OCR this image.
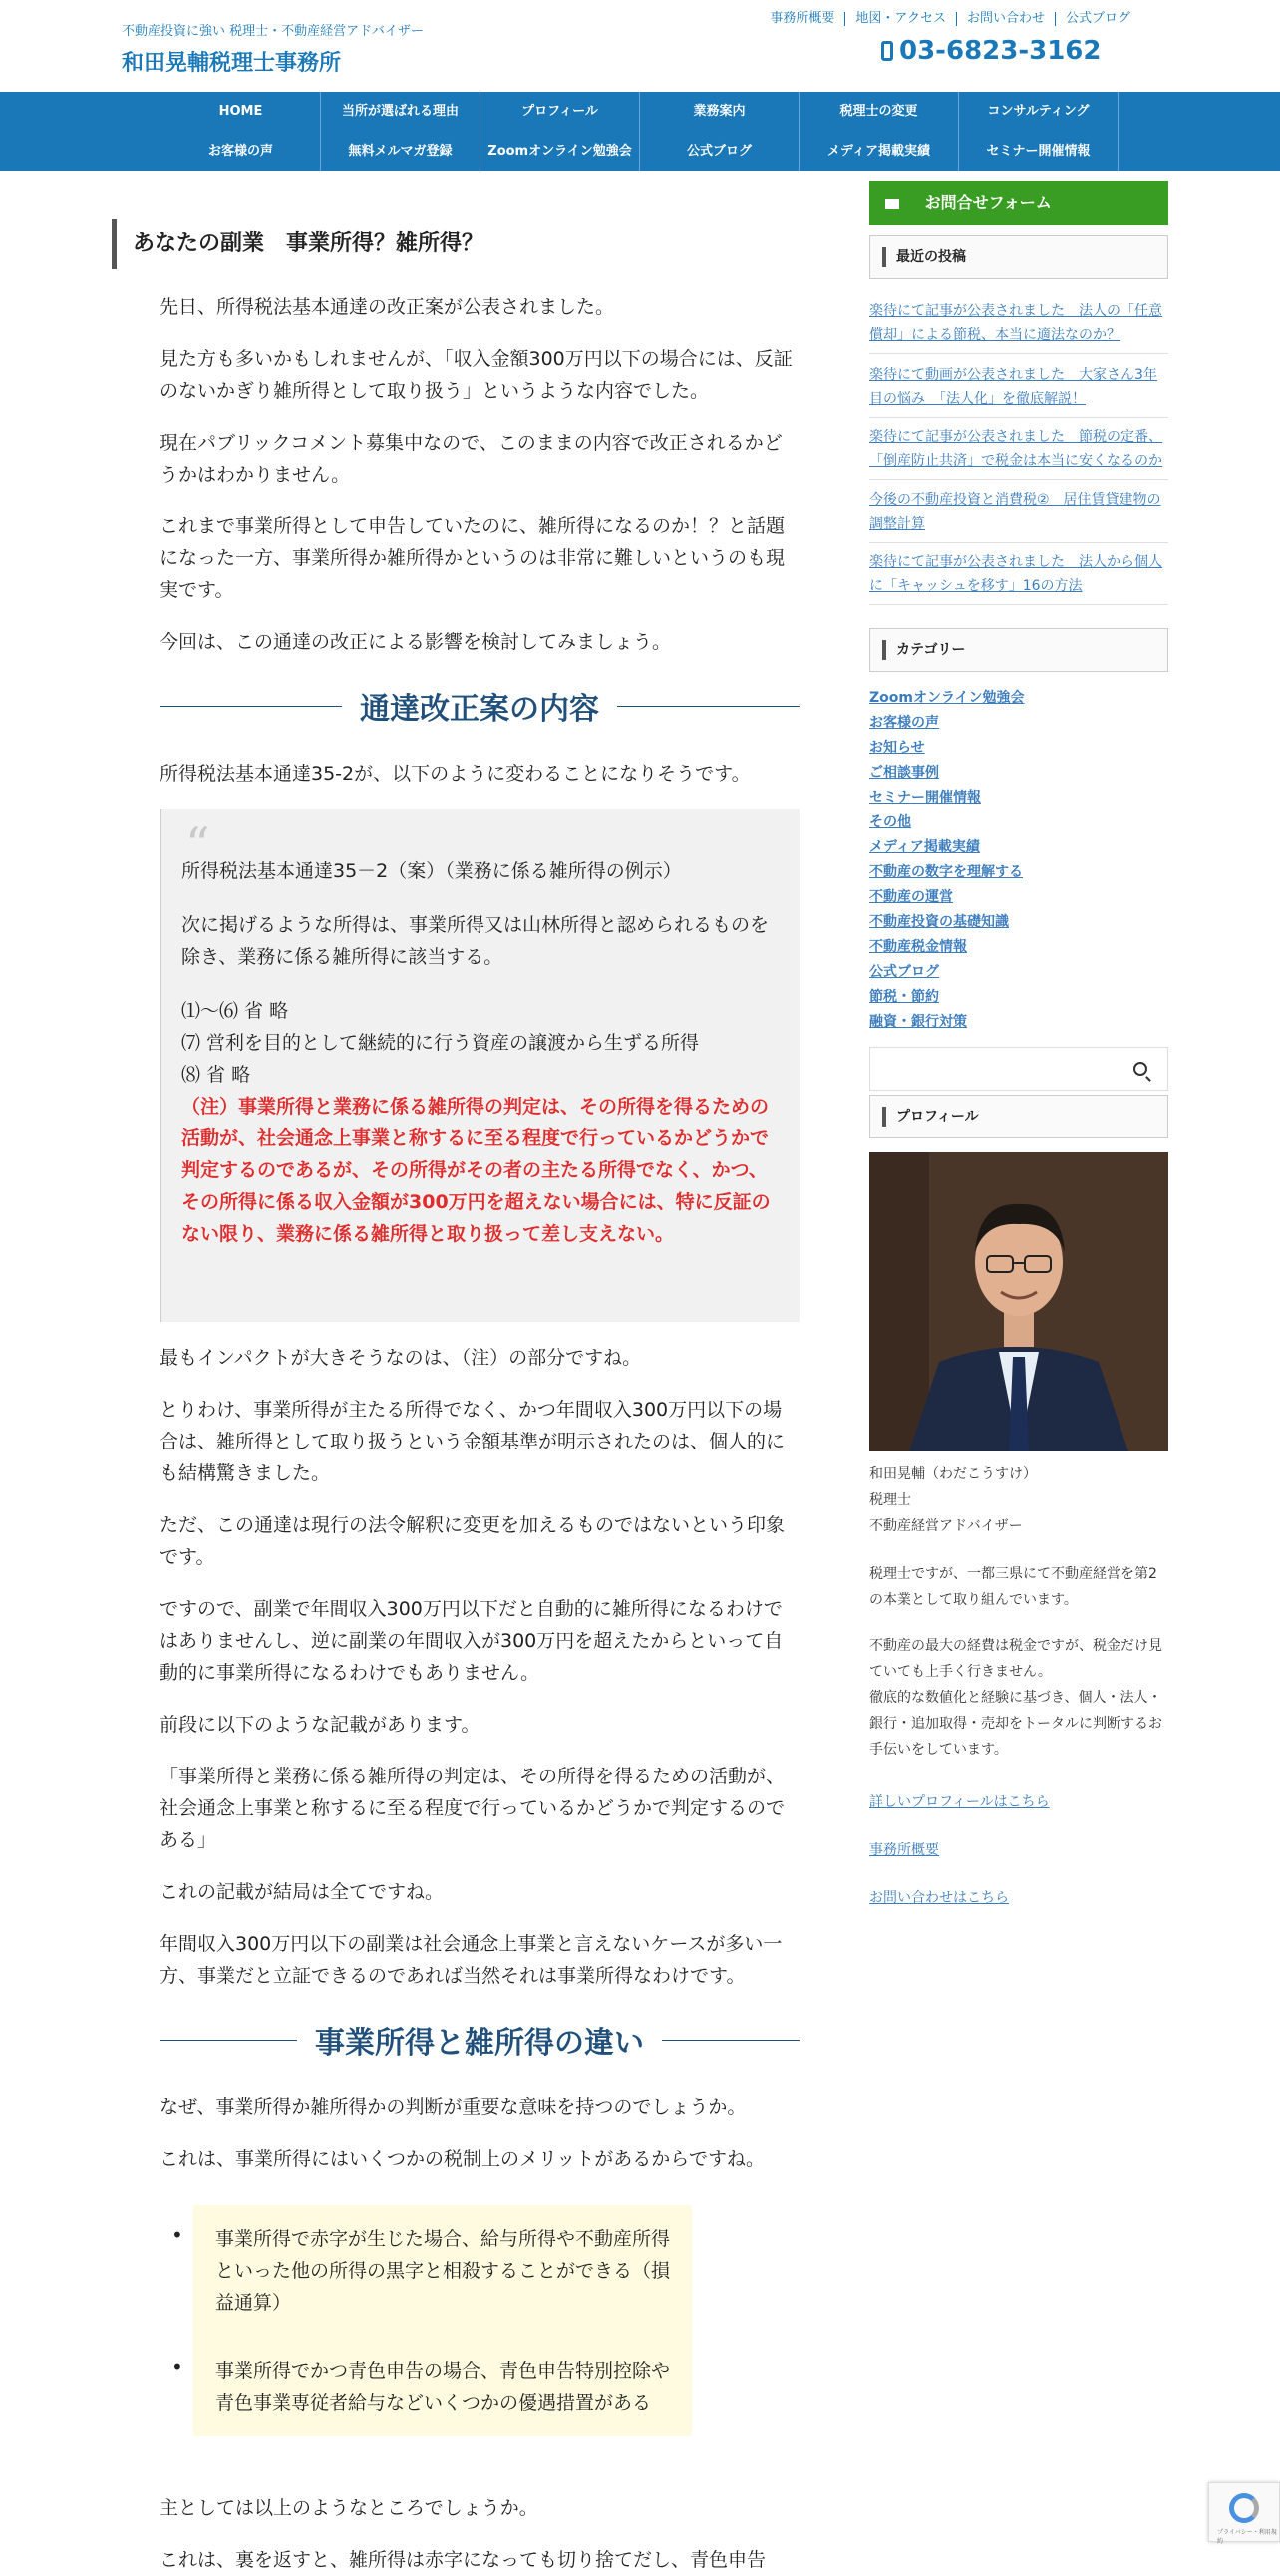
不動産投資に強い 税理士・不動産経営アドバイザー
和田晃輔税理士事務所
事務所概要	地図・アクセス	お問い合わせ	公式ブログ
03-6823-3162
HOME	当所が選ばれる理由	プロフィール	業務案内	税理士の変更	コンサルティング
お客様の声	無料メルマガ登録	Zoomオンライン勉強会	公式ブログ	メディア掲載実績	セミナー開催情報
あなたの副業　事業所得？雑所得？
先日、所得税法基本通達の改正案が公表されました。
見た方も多いかもしれませんが、「収入金額300万円以下の場合には、反証のないかぎり雑所得として取り扱う」というような内容でした。
現在パブリックコメント募集中なので、このままの内容で改正されるかどうかはわかりません。
これまで事業所得として申告していたのに、雑所得になるのか！？と話題になった一方、事業所得か雑所得かというのは非常に難しいというのも現実です。
今回は、この通達の改正による影響を検討してみましょう。
通達改正案の内容
所得税法基本通達35-2が、以下のように変わることになりそうです。
“
所得税法基本通達35－2（案）（業務に係る雑所得の例示）
次に掲げるような所得は、事業所得又は山林所得と認められるものを除き、業務に係る雑所得に該当する。
⑴～⑹ 省 略
⑺ 営利を目的として継続的に行う資産の譲渡から生ずる所得
⑻ 省 略
（注）事業所得と業務に係る雑所得の判定は、その所得を得るための活動が、社会通念上事業と称するに至る程度で行っているかどうかで判定するのであるが、その所得がその者の主たる所得でなく、かつ、その所得に係る収入金額が300万円を超えない場合には、特に反証のない限り、業務に係る雑所得と取り扱って差し支えない。
最もインパクトが大きそうなのは、（注）の部分ですね。
とりわけ、事業所得が主たる所得でなく、かつ年間収入300万円以下の場合は、雑所得として取り扱うという金額基準が明示されたのは、個人的にも結構驚きました。
ただ、この通達は現行の法令解釈に変更を加えるものではないという印象です。
ですので、副業で年間収入300万円以下だと自動的に雑所得になるわけではありませんし、逆に副業の年間収入が300万円を超えたからといって自動的に事業所得になるわけでもありません。
前段に以下のような記載があります。
「事業所得と業務に係る雑所得の判定は、その所得を得るための活動が、社会通念上事業と称するに至る程度で行っているかどうかで判定するのである」
これの記載が結局は全てですね。
年間収入300万円以下の副業は社会通念上事業と言えないケースが多い一方、事業だと立証できるのであれば当然それは事業所得なわけです。
事業所得と雑所得の違い
なぜ、事業所得か雑所得かの判断が重要な意味を持つのでしょうか。
これは、事業所得にはいくつかの税制上のメリットがあるからですね。
•	事業所得で赤字が生じた場合、給与所得や不動産所得といった他の所得の黒字と相殺することができる（損益通算）
•	事業所得でかつ青色申告の場合、青色申告特別控除や青色事業専従者給与などいくつかの優遇措置がある
主としては以上のようなところでしょうか。
これは、裏を返すと、雑所得は赤字になっても切り捨てだし、青色申告
お問合せフォーム
最近の投稿
楽待にて記事が公表されました　法人の「任意償却」による節税、本当に適法なのか？
楽待にて動画が公表されました　大家さん3年目の悩み　「法人化」を徹底解説！
楽待にて記事が公表されました　節税の定番、「倒産防止共済」で税金は本当に安くなるのか
今後の不動産投資と消費税②　居住賃貸建物の調整計算
楽待にて記事が公表されました　法人から個人に「キャッシュを移す」16の方法
カテゴリー
Zoomオンライン勉強会
お客様の声
お知らせ
ご相談事例
セミナー開催情報
その他
メディア掲載実績
不動産の数字を理解する
不動産の運営
不動産投資の基礎知識
不動産税金情報
公式ブログ
節税・節約
融資・銀行対策
プロフィール
和田晃輔（わだこうすけ）
税理士
不動産経営アドバイザー
税理士ですが、一都三県にて不動産経営を第2の本業として取り組んでいます。
不動産の最大の経費は税金ですが、税金だけ見ていても上手く行きません。
徹底的な数値化と経験に基づき、個人・法人・銀行・追加取得・売却をトータルに判断するお手伝いをしています。
詳しいプロフィールはこちら
事務所概要
お問い合わせはこちら
プライバシー・利用規約
